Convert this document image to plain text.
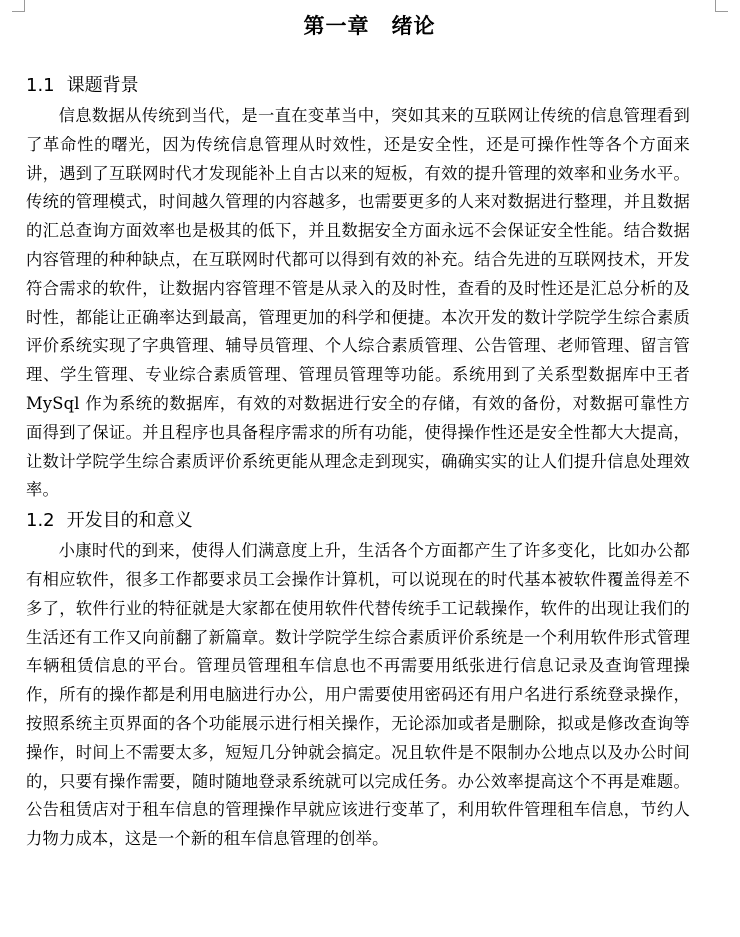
第一章　绪论
1.1 课题背景

信息数据从传统到当代，是一直在变革当中，突如其来的互联网让传统的信息管理看到了革命性的曙光，因为传统信息管理从时效性，还是安全性，还是可操作性等各个方面来讲，遇到了互联网时代才发现能补上自古以来的短板，有效的提升管理的效率和业务水平。传统的管理模式，时间越久管理的内容越多，也需要更多的人来对数据进行整理，并且数据的汇总查询方面效率也是极其的低下，并且数据安全方面永远不会保证安全性能。结合数据内容管理的种种缺点，在互联网时代都可以得到有效的补充。结合先进的互联网技术，开发符合需求的软件，让数据内容管理不管是从录入的及时性，查看的及时性还是汇总分析的及时性，都能让正确率达到最高，管理更加的科学和便捷。本次开发的数计学院学生综合素质评价系统实现了字典管理、辅导员管理、个人综合素质管理、公告管理、老师管理、留言管理、学生管理、专业综合素质管理、管理员管理等功能。系统用到了关系型数据库中王者 MySql 作为系统的数据库，有效的对数据进行安全的存储，有效的备份，对数据可靠性方面得到了保证。并且程序也具备程序需求的所有功能，使得操作性还是安全性都大大提高，让数计学院学生综合素质评价系统更能从理念走到现实，确确实实的让人们提升信息处理效率。

1.2 开发目的和意义

小康时代的到来，使得人们满意度上升，生活各个方面都产生了许多变化，比如办公都有相应软件，很多工作都要求员工会操作计算机，可以说现在的时代基本被软件覆盖得差不多了，软件行业的特征就是大家都在使用软件代替传统手工记载操作，软件的出现让我们的生活还有工作又向前翻了新篇章。数计学院学生综合素质评价系统是一个利用软件形式管理车辆租赁信息的平台。管理员管理租车信息也不再需要用纸张进行信息记录及查询管理操作，所有的操作都是利用电脑进行办公，用户需要使用密码还有用户名进行系统登录操作，按照系统主页界面的各个功能展示进行相关操作，无论添加或者是删除，拟或是修改查询等操作，时间上不需要太多，短短几分钟就会搞定。况且软件是不限制办公地点以及办公时间的，只要有操作需要，随时随地登录系统就可以完成任务。办公效率提高这个不再是难题。公告租赁店对于租车信息的管理操作早就应该进行变革了，利用软件管理租车信息，节约人力物力成本，这是一个新的租车信息管理的创举。
